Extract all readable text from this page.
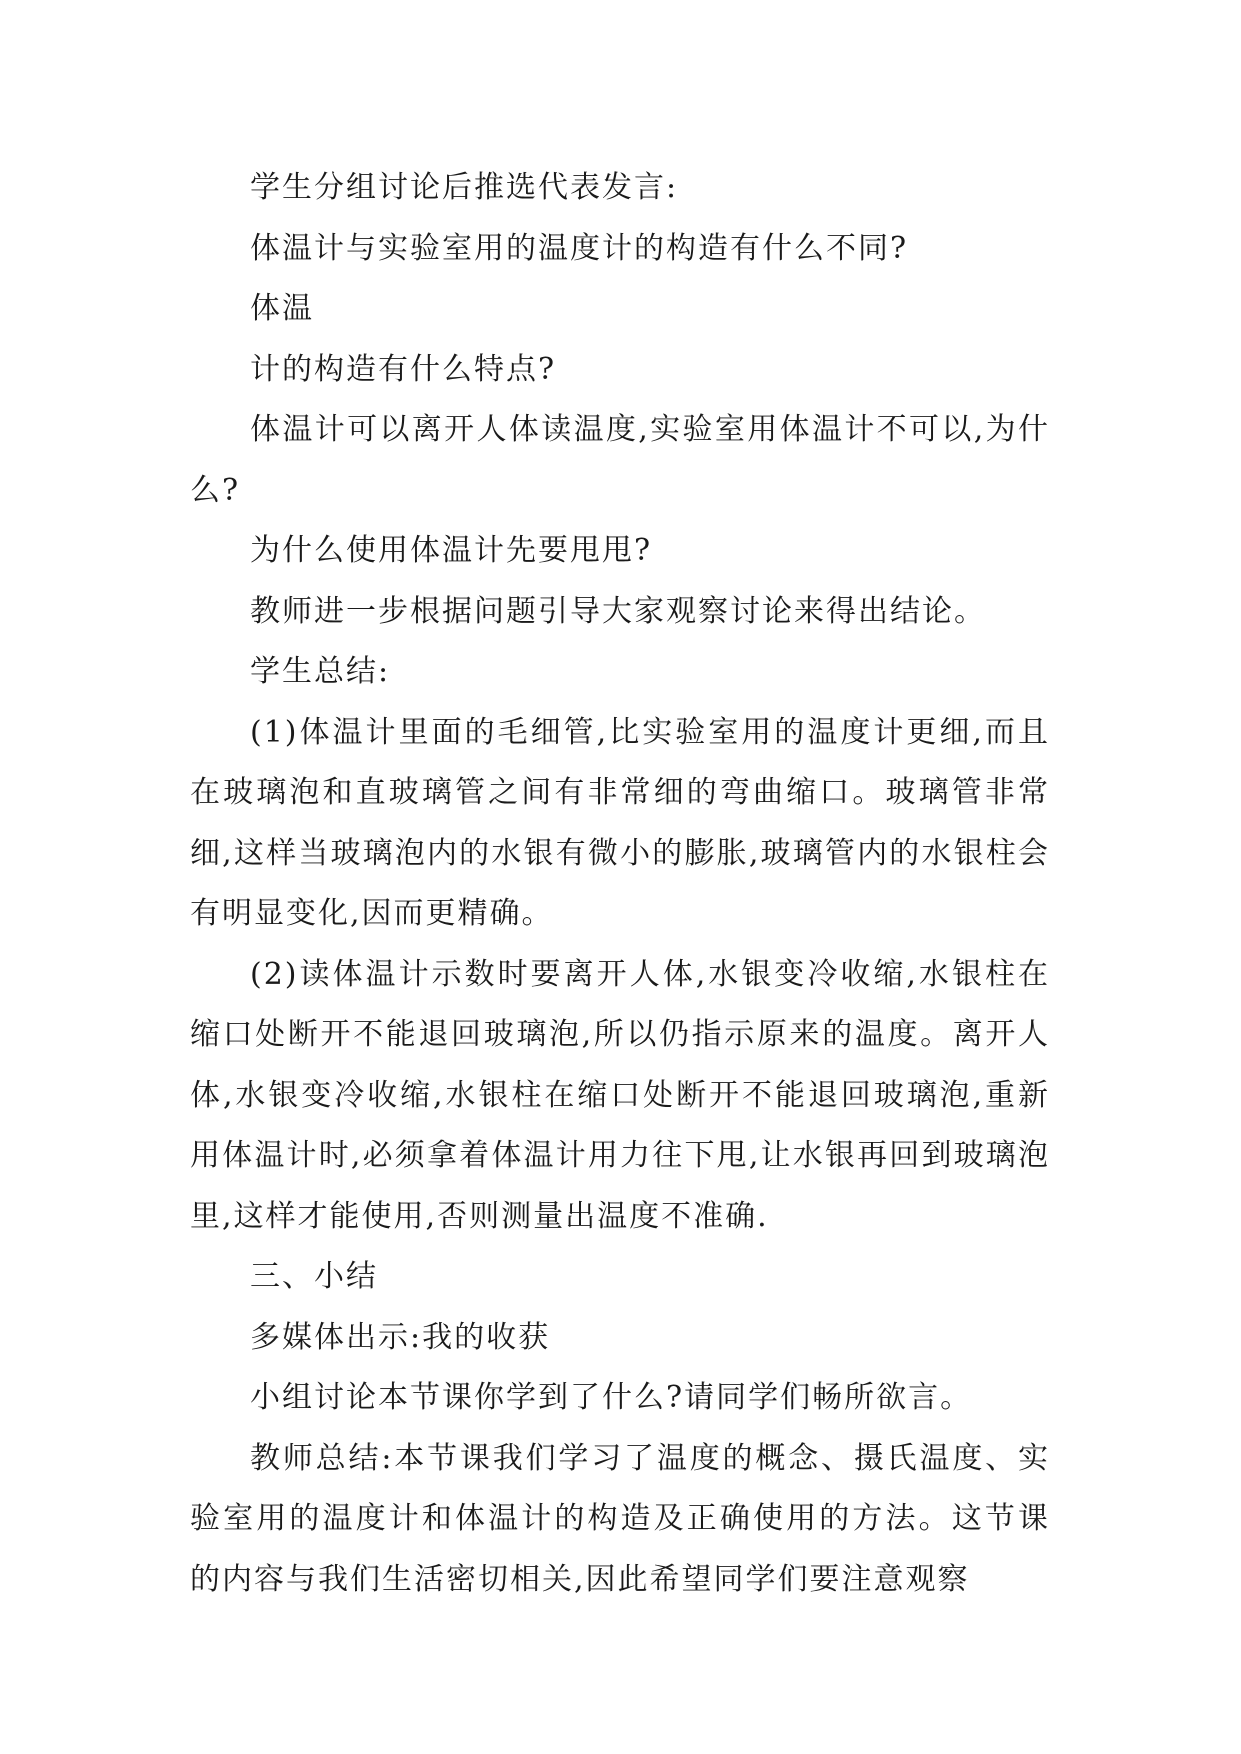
学生分组讨论后推选代表发言:

体温计与实验室用的温度计的构造有什么不同?

体温

计的构造有什么特点?

体温计可以离开人体读温度,实验室用体温计不可以,为什么?

为什么使用体温计先要甩甩?

教师进一步根据问题引导大家观察讨论来得出结论。

学生总结:

(1)体温计里面的毛细管,比实验室用的温度计更细,而且在玻璃泡和直玻璃管之间有非常细的弯曲缩口。玻璃管非常细,这样当玻璃泡内的水银有微小的膨胀,玻璃管内的水银柱会有明显变化,因而更精确。

(2)读体温计示数时要离开人体,水银变冷收缩,水银柱在缩口处断开不能退回玻璃泡,所以仍指示原来的温度。离开人体,水银变冷收缩,水银柱在缩口处断开不能退回玻璃泡,重新用体温计时,必须拿着体温计用力往下甩,让水银再回到玻璃泡里,这样才能使用,否则测量出温度不准确.

三、小结

多媒体出示:我的收获

小组讨论本节课你学到了什么?请同学们畅所欲言。

教师总结:本节课我们学习了温度的概念、摄氏温度、实验室用的温度计和体温计的构造及正确使用的方法。这节课的内容与我们生活密切相关,因此希望同学们要注意观察
